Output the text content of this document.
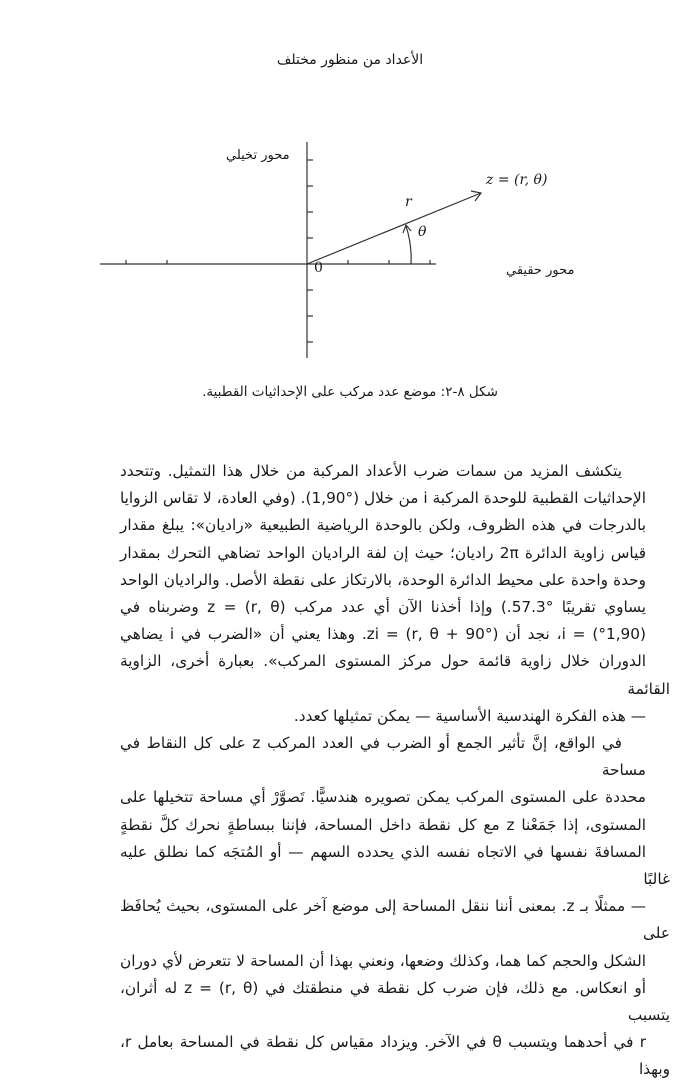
الأعداد من منظور مختلف
محور تخيلي
محور حقيقي
0
z = (r, θ)
r
θ
شكل ٨-٢: موضع عدد مركب على الإحداثيات القطبية.

يتكشف المزيد من سمات ضرب الأعداد المركبة من خلال هذا التمثيل. وتتحدد
الإحداثيات القطبية للوحدة المركبة i من خلال (°1,90). (وفي العادة، لا تقاس الزوايا
بالدرجات في هذه الظروف، ولكن بالوحدة الرياضية الطبيعية «راديان»: يبلغ مقدار
قياس زاوية الدائرة 2π راديان؛ حيث إن لفة الراديان الواحد تضاهي التحرك بمقدار
وحدة واحدة على محيط الدائرة الوحدة، بالارتكاز على نقطة الأصل. والراديان الواحد
يساوي تقريبًا °57.3.) وإذا أخذنا الآن أي عدد مركب (r, θ) = z وضربناه في
(°1,90) = i، نجد أن (°r, θ + 90) = zi. وهذا يعني أن «الضرب في i يضاهي
الدوران خلال زاوية قائمة حول مركز المستوى المركب». بعبارة أخرى، الزاوية القائمة
— هذه الفكرة الهندسية الأساسية — يمكن تمثيلها كعدد.

في الواقع، إنَّ تأثير الجمع أو الضرب في العدد المركب z على كل النقاط في مساحة
محددة على المستوى المركب يمكن تصويره هندسيًّا. تَصوَّرْ أي مساحة تتخيلها على
المستوى، إذا جَمَعْنا z مع كل نقطة داخل المساحة، فإننا ببساطةٍ نحرك كلَّ نقطةٍ
المسافةَ نفسها في الاتجاه نفسه الذي يحدده السهم — أو المُتجَه كما نطلق عليه غالبًا
— ممثلًا بـ z. بمعنى أننا ننقل المساحة إلى موضع آخر على المستوى، بحيث يُحافَظ على
الشكل والحجم كما هما، وكذلك وضعها، ونعني بهذا أن المساحة لا تتعرض لأي دوران
أو انعكاس. مع ذلك، فإن ضرب كل نقطة في منطقتك في (r, θ) = z له أثران، يتسبب
r في أحدهما ويتسبب θ في الآخر. ويزداد مقياس كل نقطة في المساحة بعامل r، وبهذا
